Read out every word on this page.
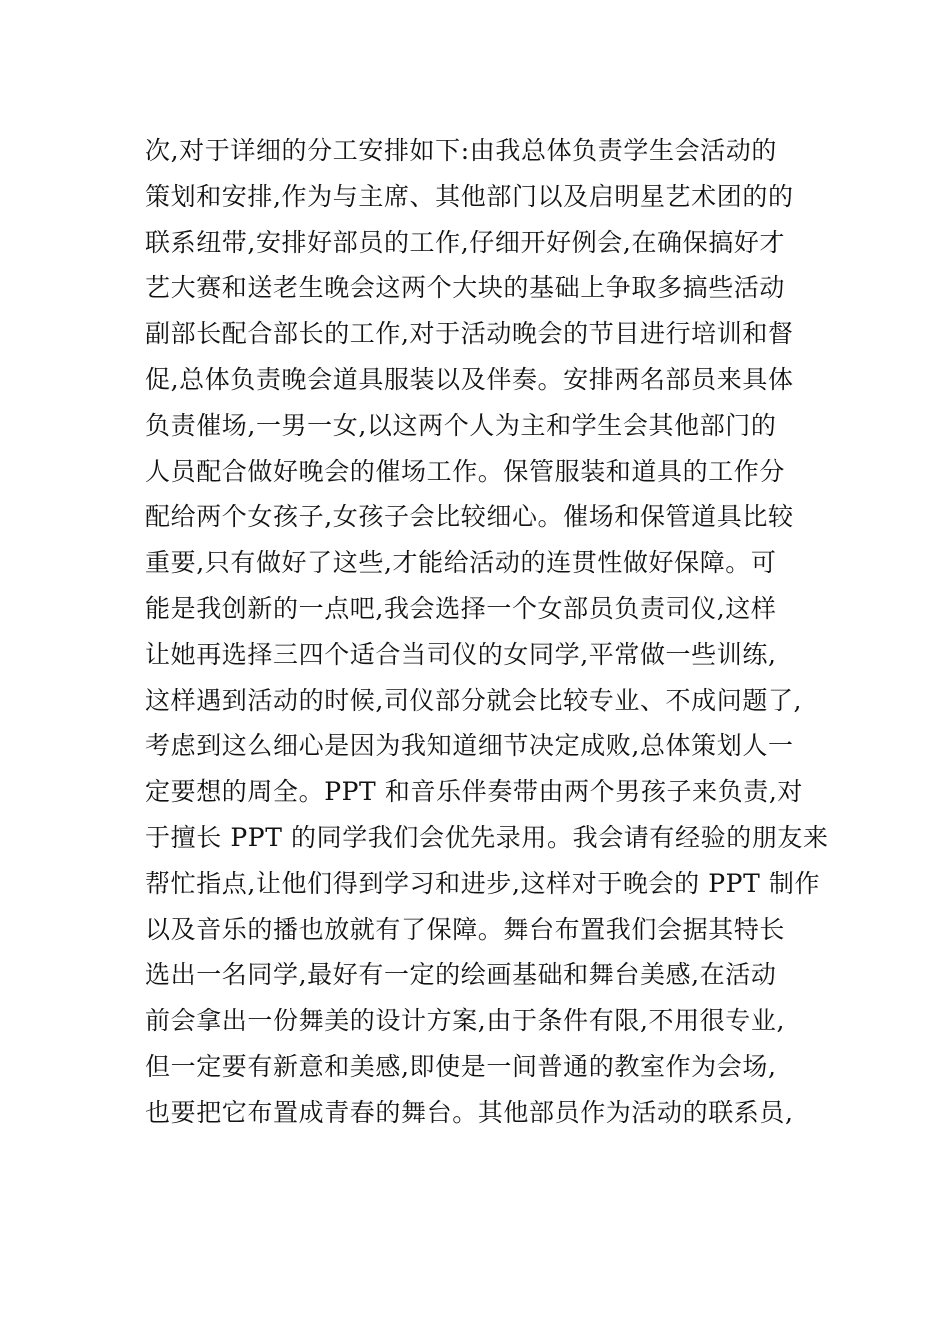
次,对于详细的分工安排如下:由我总体负责学生会活动的
策划和安排,作为与主席、其他部门以及启明星艺术团的的
联系纽带,安排好部员的工作,仔细开好例会,在确保搞好才
艺大赛和送老生晚会这两个大块的基础上争取多搞些活动
副部长配合部长的工作,对于活动晚会的节目进行培训和督
促,总体负责晚会道具服装以及伴奏。安排两名部员来具体
负责催场,一男一女,以这两个人为主和学生会其他部门的
人员配合做好晚会的催场工作。保管服装和道具的工作分
配给两个女孩子,女孩子会比较细心。催场和保管道具比较
重要,只有做好了这些,才能给活动的连贯性做好保障。可
能是我创新的一点吧,我会选择一个女部员负责司仪,这样
让她再选择三四个适合当司仪的女同学,平常做一些训练,
这样遇到活动的时候,司仪部分就会比较专业、不成问题了,
考虑到这么细心是因为我知道细节决定成败,总体策划人一
定要想的周全。PPT 和音乐伴奏带由两个男孩子来负责,对
于擅长 PPT 的同学我们会优先录用。我会请有经验的朋友来
帮忙指点,让他们得到学习和进步,这样对于晚会的 PPT 制作
以及音乐的播也放就有了保障。舞台布置我们会据其特长
选出一名同学,最好有一定的绘画基础和舞台美感,在活动
前会拿出一份舞美的设计方案,由于条件有限,不用很专业,
但一定要有新意和美感,即使是一间普通的教室作为会场,
也要把它布置成青春的舞台。其他部员作为活动的联系员,
